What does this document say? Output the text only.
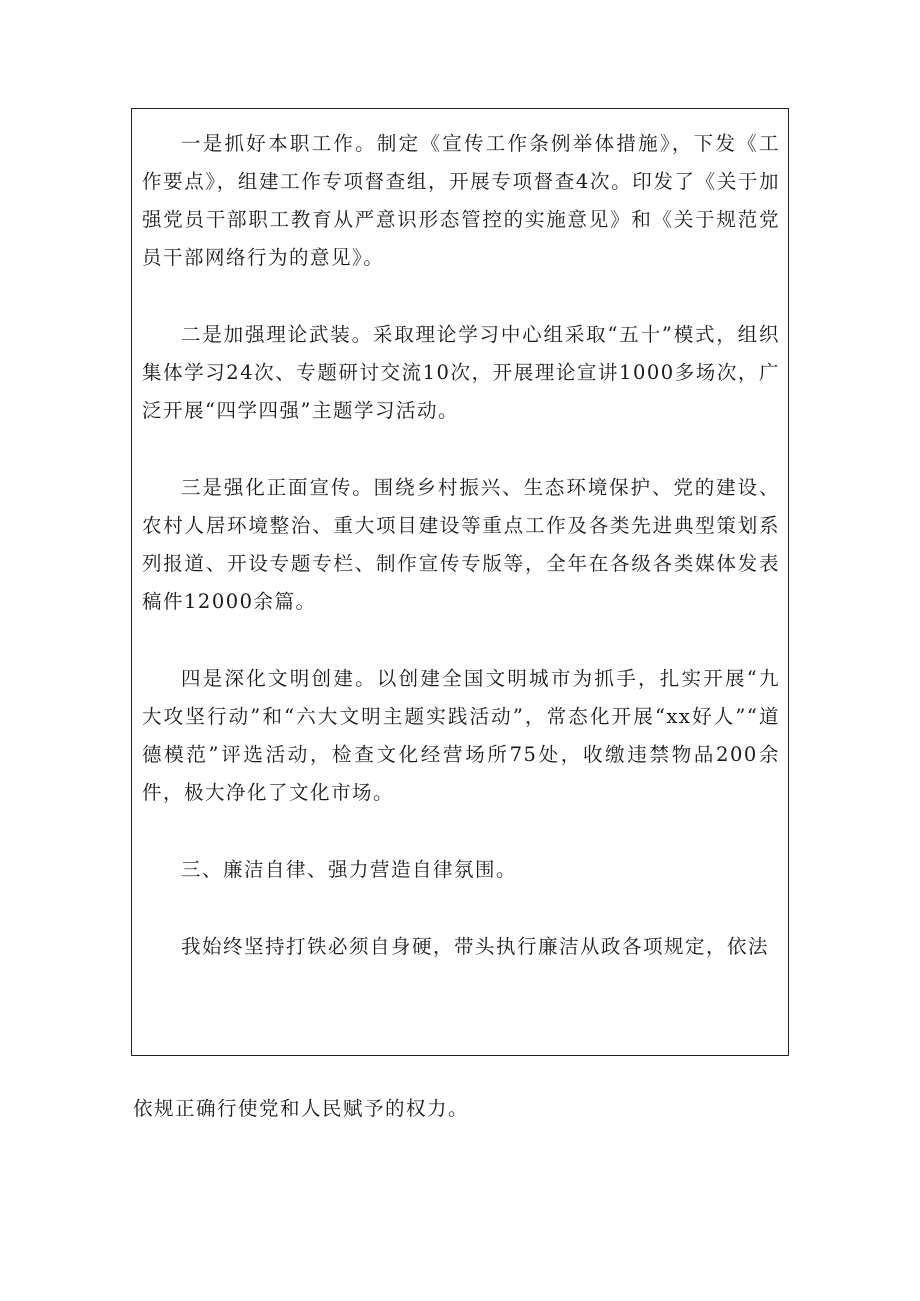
一是抓好本职工作。制定《宣传工作条例举体措施》，下发《工作要点》，组建工作专项督查组，开展专项督查4次。印发了《关于加强党员干部职工教育从严意识形态管控的实施意见》和《关于规范党员干部网络行为的意见》。

二是加强理论武装。采取理论学习中心组采取“五十”模式，组织集体学习24次、专题研讨交流10次，开展理论宣讲1000多场次，广泛开展“四学四强”主题学习活动。

三是强化正面宣传。围绕乡村振兴、生态环境保护、党的建设、农村人居环境整治、重大项目建设等重点工作及各类先进典型策划系列报道、开设专题专栏、制作宣传专版等，全年在各级各类媒体发表稿件12000余篇。

四是深化文明创建。以创建全国文明城市为抓手，扎实开展“九大攻坚行动”和“六大文明主题实践活动”，常态化开展“xx好人”“道德模范”评选活动，检查文化经营场所75处，收缴违禁物品200余件，极大净化了文化市场。

三、廉洁自律、强力营造自律氛围。

我始终坚持打铁必须自身硬，带头执行廉洁从政各项规定，依法

依规正确行使党和人民赋予的权力。
